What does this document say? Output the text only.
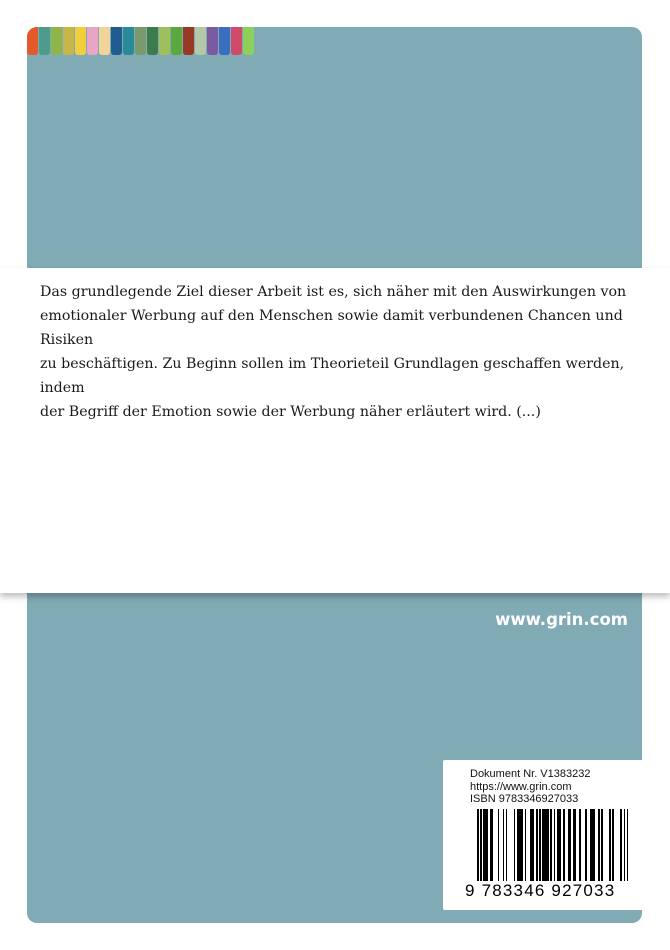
Das grundlegende Ziel dieser Arbeit ist es, sich näher mit den Auswirkungen von
emotionaler Werbung auf den Menschen sowie damit verbundenen Chancen und Risiken
zu beschäftigen. Zu Beginn sollen im Theorieteil Grundlagen geschaffen werden, indem
der Begriff der Emotion sowie der Werbung näher erläutert wird. (...)

www.grin.com
Dokument Nr. V1383232
https://www.grin.com
ISBN 9783346927033
9 783346 927033
